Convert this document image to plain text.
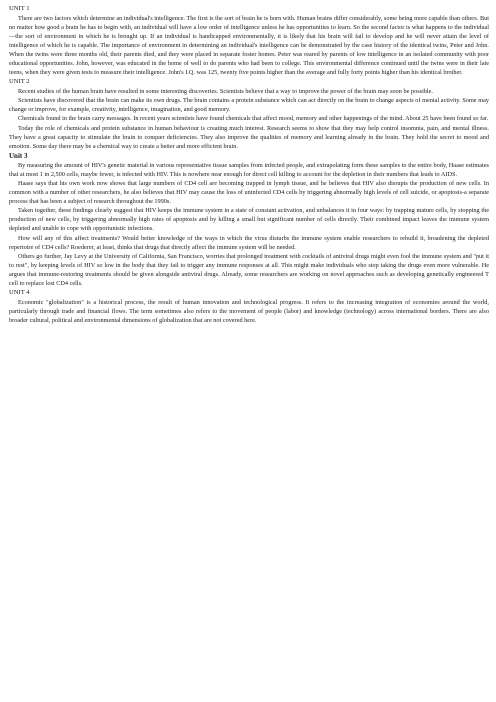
UNIT 1

There are two factors which determine an individual's intelligence. The first is the sort of brain he is born with. Human brains differ considerably, some being more capable than others. But no matter how good a brain he has to begin with, an individual will have a low order of intelligence unless he has opportunities to learn. So the second factor is what happens to the individual—the sort of environment in which he is brought up. If an individual is handicapped environmentally, it is likely that his brain will fail to develop and he will never attain the level of intelligence of which he is capable. The importance of environment in determining an individual's intelligence can be demonstrated by the case history of the identical twins, Peter and John. When the twins were three months old, their parents died, and they were placed in separate foster homes. Peter was reared by parents of low intelligence in an isolated community with poor educational opportunities. John, however, was educated in the home of well to do parents who had been to college. This environmental difference continued until the twins were in their late teens, when they were given tests to measure their intelligence. John's I.Q. was 125, twenty five points higher than the average and fully forty points higher than his identical brother.

UNIT 2

Recent studies of the human brain have resulted in some interesting discoveries. Scientists believe that a way to improve the power of the brain may soon be possible.

Scientists have discovered that the brain can make its own drugs. The brain contains a protein substance which can act directly on the brain to change aspects of mental activity. Some may change or improve, for example, creativity, intelligence, imagination, and good memory.

Chemicals found in the brain carry messages. In recent years scientists have found chemicals that affect mood, memory and other happenings of the mind. About 25 have been found so far.

Today the role of chemicals and protein substance in human behaviour is creating much interest. Research seems to show that they may help control insomnia, pain, and mental illness. They have a great capacity to stimulate the brain to conquer deficiencies. They also improve the qualities of memory and learning already in the brain. They hold the secret to mood and emotion. Some day there may be a chemical way to create a better and more efficient brain.

Unit 3

By measuring the amount of HIV's genetic material in various representative tissue samples from infected people, and extrapolating form these samples to the entire body, Haase estimates that at most 1 in 2,500 cells, maybe fewer, is infected with HIV. This is nowhere near enough for direct cell killing to account for the depletion in their numbers that leads to AIDS.

Haase says that his own work now shows that large numbers of CD4 cell are becoming trapped in lymph tissue, and he believes that HIV also disrupts the production of new cells. In common with a number of other researchers, he also believes that HIV may cause the loss of uninfected CD4 cells by triggering abnormally high levels of cell suicide, or apoptosis-a separate process that has been a subject of research throughout the 1990s.

Taken together, these findings clearly suggest that HIV keeps the immune system in a state of constant activation, and unbalances it in four ways: by trapping mature cells, by stopping the production of new cells, by triggering abnormally high rates of apoptosis and by killing a small but significant number of cells directly. Their combined impact leaves the immune system depleted and unable to cope with opportunistic infections.

How will any of this affect treatments? Would better knowledge of the ways in which the virus disturbs the immune system enable researchers to rebuild it, broadening the depleted repertoire of CD4 cells? Roederer, at least, thinks that drugs that directly affect the immune system will be needed.

Others go further, Jay Levy at the University of California, San Francisco, worries that prolonged treatment with cocktails of antiviral drugs might even fool the immune system and "put it to rest", by keeping levels of HIV so low in the body that they fail to trigger any immune responses at all. This might make individuals who stop taking the drugs even more vulnerable. He argues that immune-restoring treatments should be given alongside antiviral drugs. Already, some researchers are working on novel approaches such as developing genetically engineered T cell to replace lost CD4 cells.

UNIT 4

Economic "globalization" is a historical process, the result of human innovation and technological progress. It refers to the increasing integration of economies around the world, particularly through trade and financial flows. The term sometimes also refers to the movement of people (labor) and knowledge (technology) across international borders. There are also broader cultural, political and environmental dimensions of globalization that are not covered here.
